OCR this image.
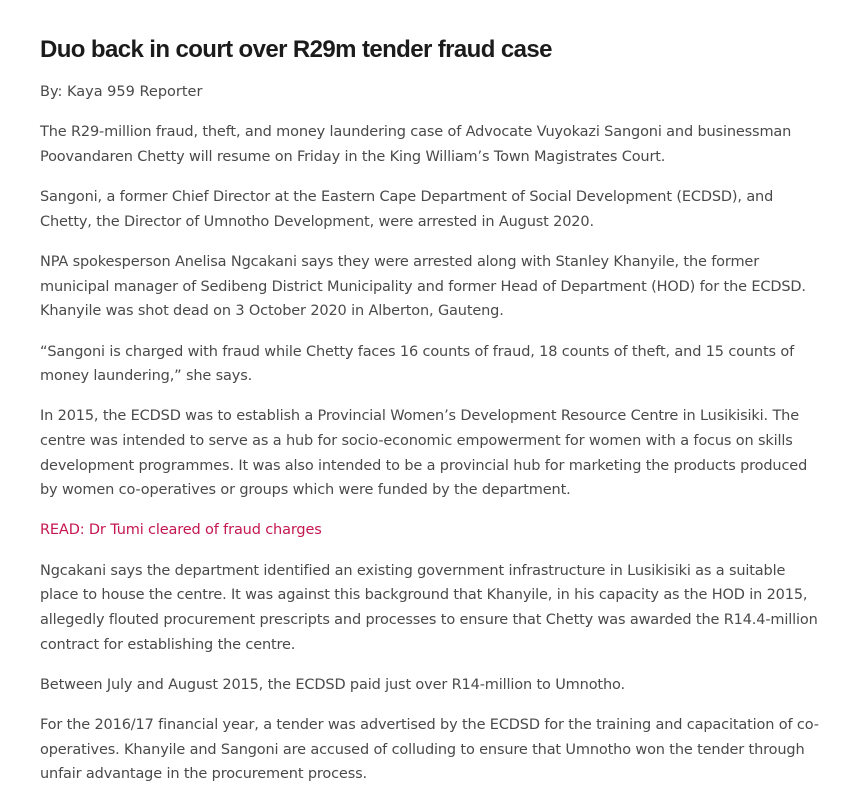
Duo back in court over R29m tender fraud case
By: Kaya 959 Reporter

The R29-million fraud, theft, and money laundering case of Advocate Vuyokazi Sangoni and businessman Poovandaren Chetty will resume on Friday in the King William’s Town Magistrates Court.

Sangoni, a former Chief Director at the Eastern Cape Department of Social Development (ECDSD), and Chetty, the Director of Umnotho Development, were arrested in August 2020.

NPA spokesperson Anelisa Ngcakani says they were arrested along with Stanley Khanyile, the former municipal manager of Sedibeng District Municipality and former Head of Department (HOD) for the ECDSD. Khanyile was shot dead on 3 October 2020 in Alberton, Gauteng.

“Sangoni is charged with fraud while Chetty faces 16 counts of fraud, 18 counts of theft, and 15 counts of money laundering,” she says.

In 2015, the ECDSD was to establish a Provincial Women’s Development Resource Centre in Lusikisiki. The centre was intended to serve as a hub for socio-economic empowerment for women with a focus on skills development programmes. It was also intended to be a provincial hub for marketing the products produced by women co-operatives or groups which were funded by the department.

READ: Dr Tumi cleared of fraud charges

Ngcakani says the department identified an existing government infrastructure in Lusikisiki as a suitable place to house the centre. It was against this background that Khanyile, in his capacity as the HOD in 2015, allegedly flouted procurement prescripts and processes to ensure that Chetty was awarded the R14.4-million contract for establishing the centre.

Between July and August 2015, the ECDSD paid just over R14-million to Umnotho.

For the 2016/17 financial year, a tender was advertised by the ECDSD for the training and capacitation of co-operatives. Khanyile and Sangoni are accused of colluding to ensure that Umnotho won the tender through unfair advantage in the procurement process.
